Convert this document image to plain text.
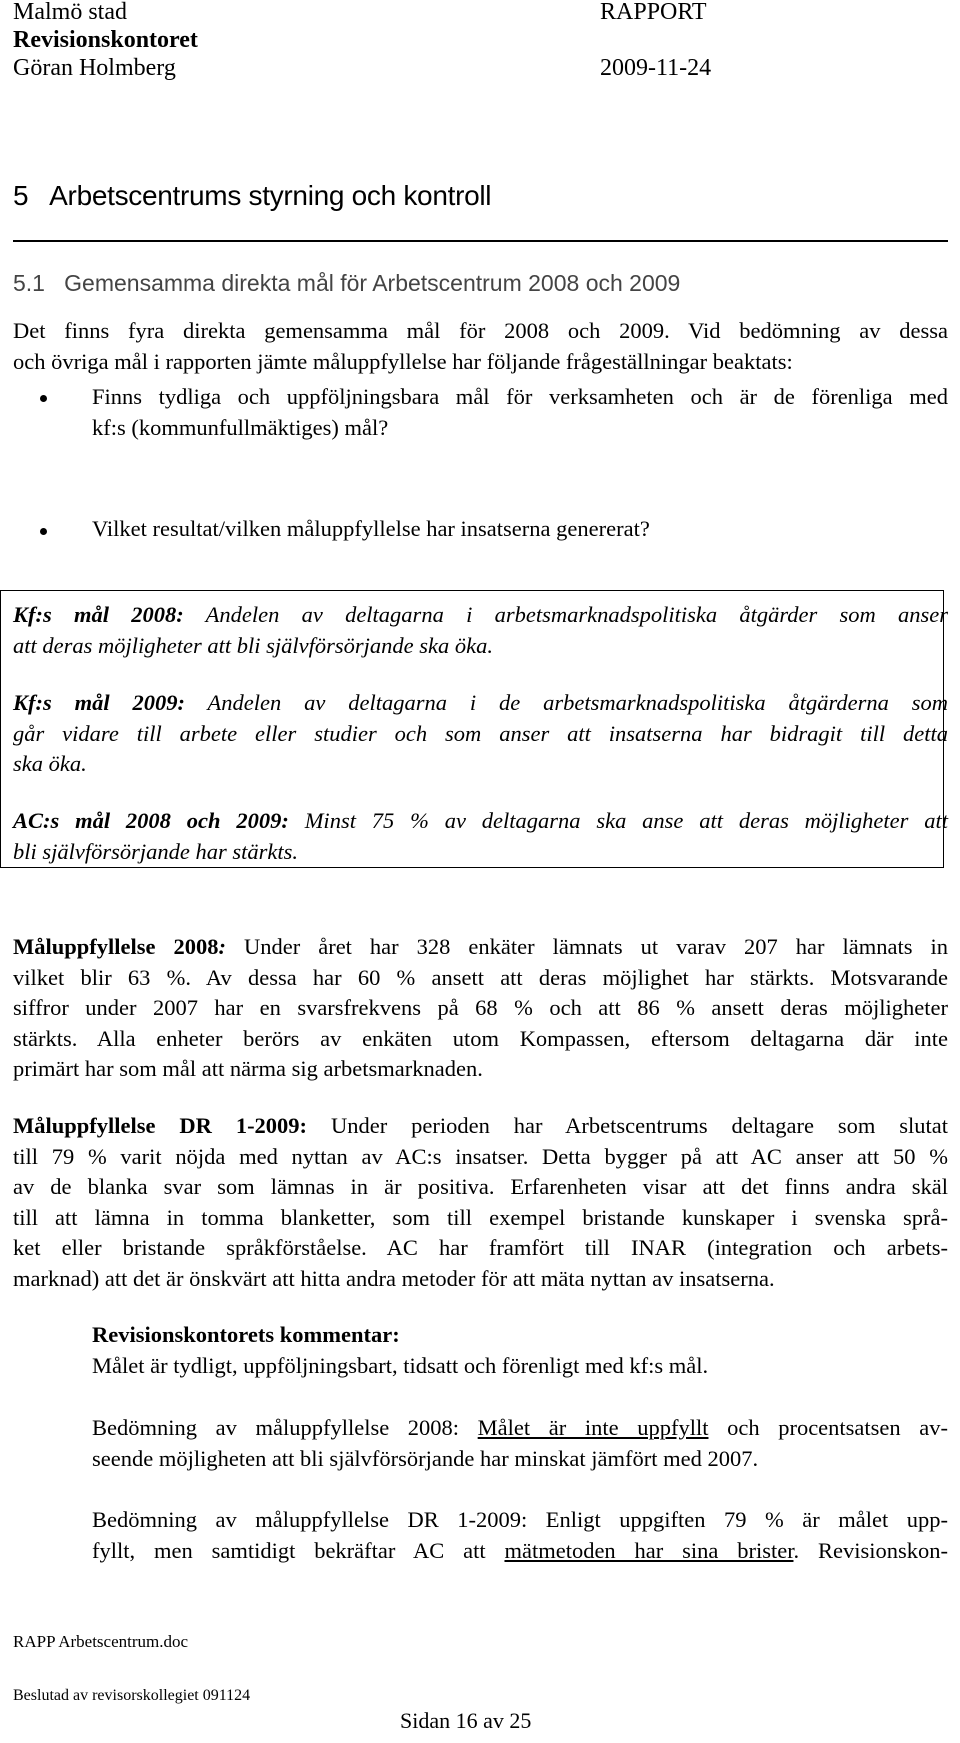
Malmö stad
Revisionskontoret
Göran Holmberg
RAPPORT
2009-11-24
5   Arbetscentrums styrning och kontroll
5.1   Gemensamma direkta mål för Arbetscentrum 2008 och 2009
Det finns fyra direkta gemensamma mål för 2008 och 2009. Vid bedömning av dessa
och övriga mål i rapporten jämte måluppfyllelse har följande frågeställningar beaktats:
Finns tydliga och uppföljningsbara mål för verksamheten och är de förenliga med
kf:s (kommunfullmäktiges) mål?
Vilket resultat/vilken måluppfyllelse har insatserna genererat?
Kf:s mål 2008: Andelen av deltagarna i arbetsmarknadspolitiska åtgärder som anser
att deras möjligheter att bli självförsörjande ska öka.
Kf:s mål 2009: Andelen av deltagarna i de arbetsmarknadspolitiska åtgärderna som
går vidare till arbete eller studier och som anser att insatserna har bidragit till detta
ska öka.
AC:s mål 2008 och 2009: Minst 75 % av deltagarna ska anse att deras möjligheter att
bli självförsörjande har stärkts.
Måluppfyllelse 2008: Under året har 328 enkäter lämnats ut varav 207 har lämnats in
vilket blir 63 %. Av dessa har 60 % ansett att deras möjlighet har stärkts. Motsvarande
siffror under 2007 har en svarsfrekvens på 68 % och att 86 % ansett deras möjligheter
stärkts. Alla enheter berörs av enkäten utom Kompassen, eftersom deltagarna där inte
primärt har som mål att närma sig arbetsmarknaden.
Måluppfyllelse DR 1-2009: Under perioden har Arbetscentrums deltagare som slutat
till 79 % varit nöjda med nyttan av AC:s insatser. Detta bygger på att AC anser att 50 %
av de blanka svar som lämnas in är positiva. Erfarenheten visar att det finns andra skäl
till att lämna in tomma blanketter, som till exempel bristande kunskaper i svenska språ-
ket eller bristande språkförståelse. AC har framfört till INAR (integration och arbets-
marknad) att det är önskvärt att hitta andra metoder för att mäta nyttan av insatserna.
Revisionskontorets kommentar:
Målet är tydligt, uppföljningsbart, tidsatt och förenligt med kf:s mål.
Bedömning av måluppfyllelse 2008: Målet är inte uppfyllt och procentsatsen av-
seende möjligheten att bli självförsörjande har minskat jämfört med 2007.
Bedömning av måluppfyllelse DR 1-2009: Enligt uppgiften 79 % är målet upp-
fyllt, men samtidigt bekräftar AC att mätmetoden har sina brister. Revisionskon-
RAPP Arbetscentrum.doc
Beslutad av revisorskollegiet 091124
Sidan 16 av 25
